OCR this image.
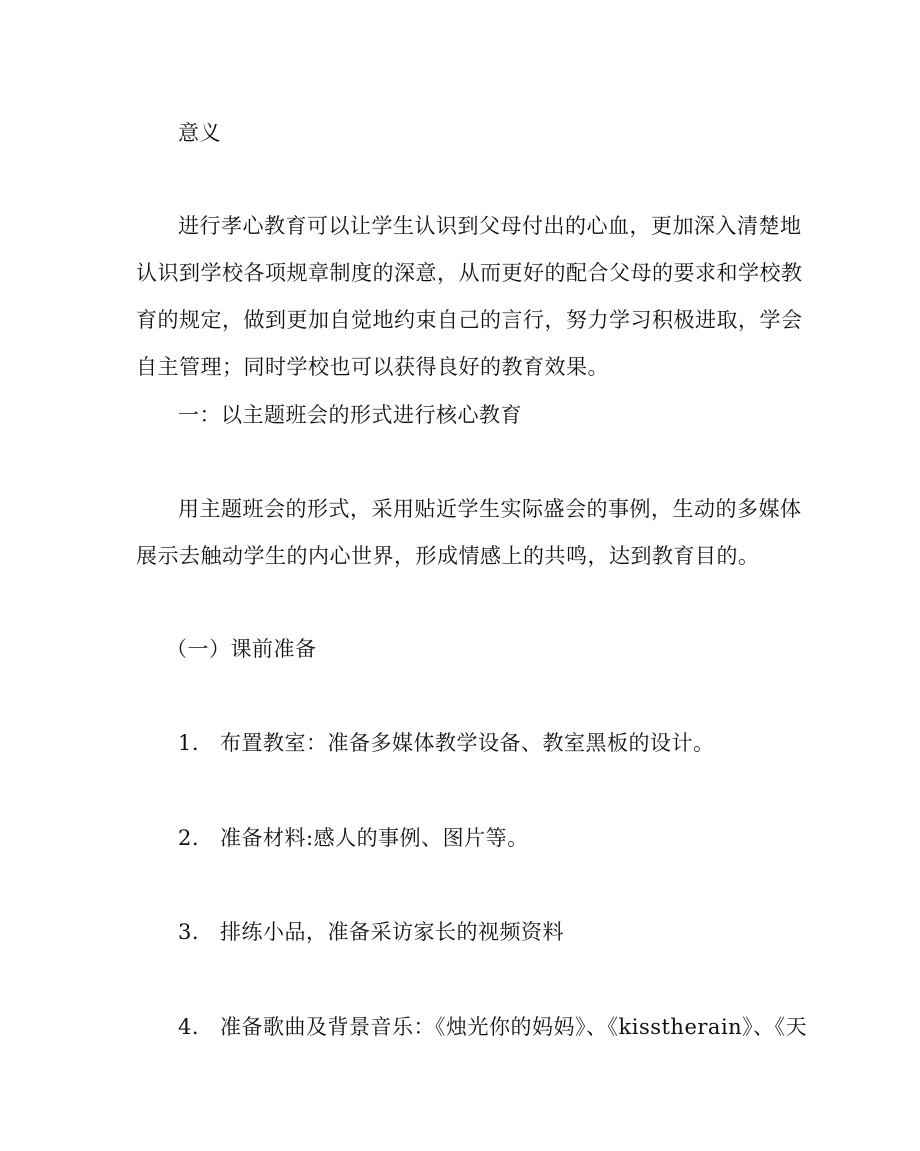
意义
进行孝心教育可以让学生认识到父母付出的心血，更加深入清楚地
认识到学校各项规章制度的深意，从而更好的配合父母的要求和学校教
育的规定，做到更加自觉地约束自己的言行，努力学习积极进取，学会
自主管理；同时学校也可以获得良好的教育效果。
一：以主题班会的形式进行核心教育
用主题班会的形式，采用贴近学生实际盛会的事例，生动的多媒体
展示去触动学生的内心世界，形成情感上的共鸣，达到教育目的。
（一）课前准备
1. 布置教室：准备多媒体教学设备、教室黑板的设计。
2. 准备材料:感人的事例、图片等。
3. 排练小品，准备采访家长的视频资料
4. 准备歌曲及背景音乐：《烛光你的妈妈》、《kisstherain》、《天
